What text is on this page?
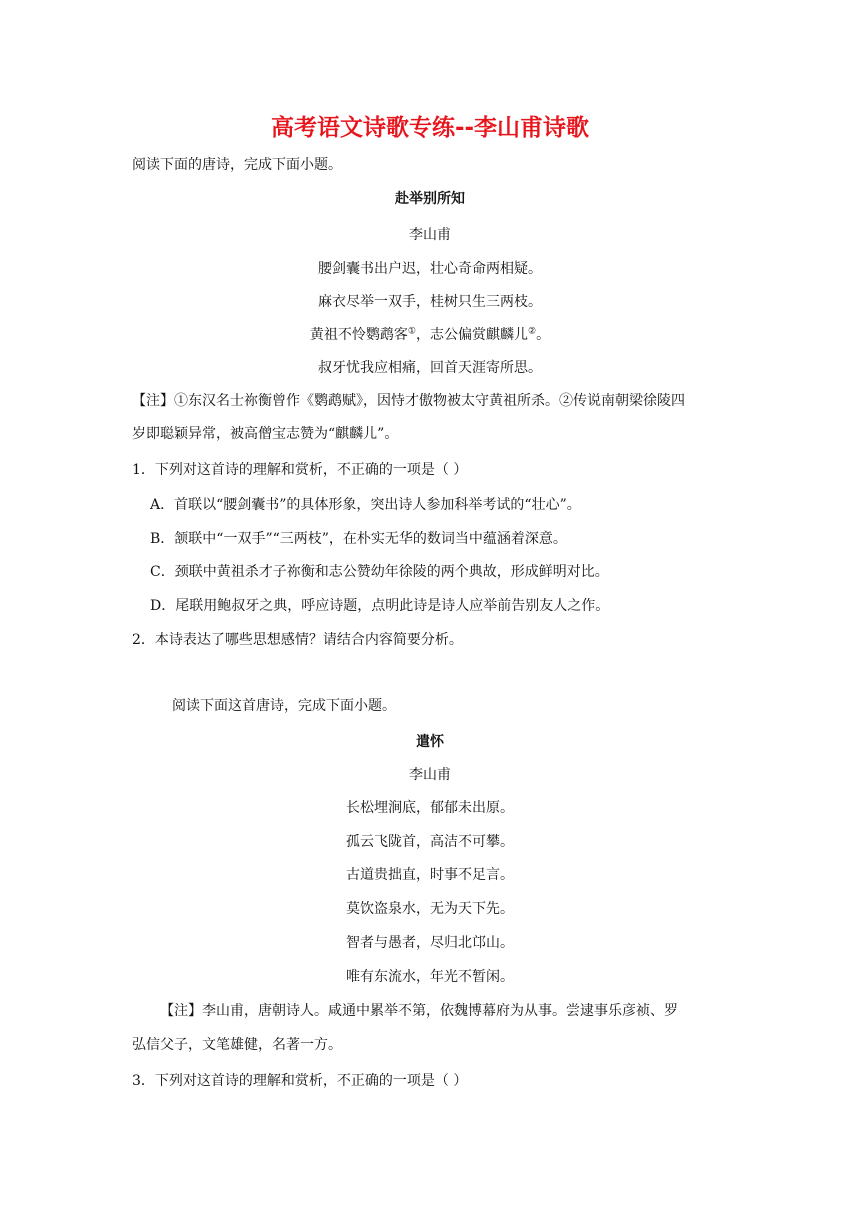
高考语文诗歌专练--李山甫诗歌
阅读下面的唐诗，完成下面小题。
赴举别所知
李山甫
腰剑囊书出户迟，壮心奇命两相疑。
麻衣尽举一双手，桂树只生三两枝。
黄祖不怜鹦鹉客①，志公偏赏麒麟儿②。
叔牙忧我应相痛，回首天涯寄所思。
【注】①东汉名士祢衡曾作《鹦鹉赋》，因恃才傲物被太守黄祖所杀。②传说南朝梁徐陵四
岁即聪颖异常，被高僧宝志赞为“麒麟儿”。
1．下列对这首诗的理解和赏析，不正确的一项是（ ）
A．首联以“腰剑囊书”的具体形象，突出诗人参加科举考试的“壮心”。
B．颔联中“一双手”“三两枝”，在朴实无华的数词当中蕴涵着深意。
C．颈联中黄祖杀才子祢衡和志公赞幼年徐陵的两个典故，形成鲜明对比。
D．尾联用鲍叔牙之典，呼应诗题，点明此诗是诗人应举前告别友人之作。
2．本诗表达了哪些思想感情？请结合内容简要分析。
阅读下面这首唐诗，完成下面小题。
遣怀
李山甫
长松埋涧底，郁郁未出原。
孤云飞陇首，高洁不可攀。
古道贵拙直，时事不足言。
莫饮盗泉水，无为天下先。
智者与愚者，尽归北邙山。
唯有东流水，年光不暂闲。
【注】李山甫，唐朝诗人。咸通中累举不第，依魏博幕府为从事。尝逮事乐彦祯、罗
弘信父子，文笔雄健，名著一方。
3．下列对这首诗的理解和赏析，不正确的一项是（ ）
